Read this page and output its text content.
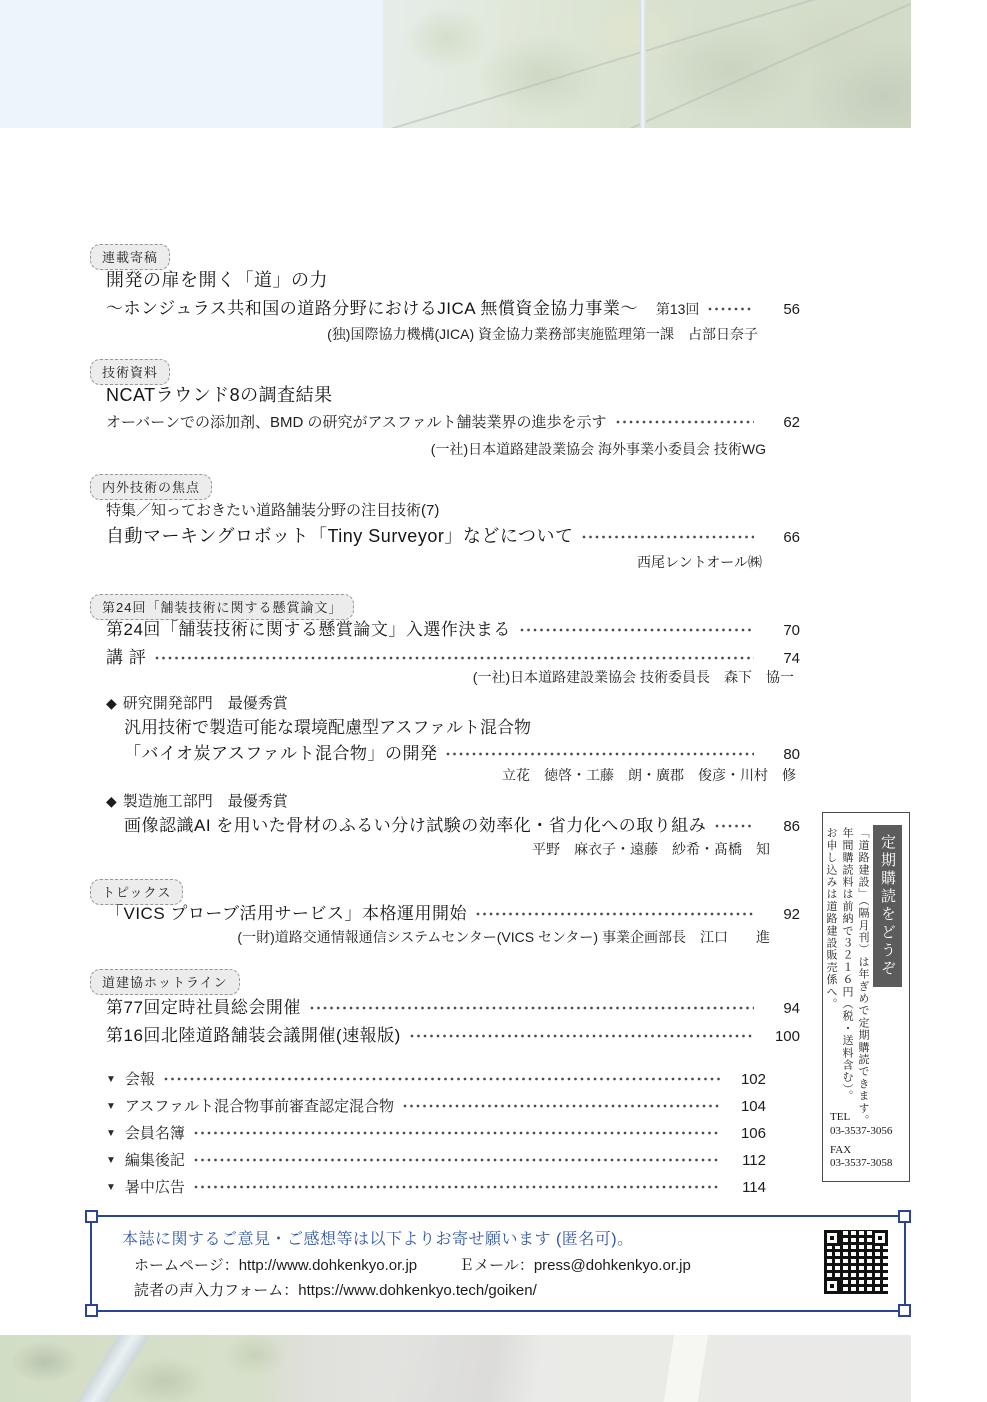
連載寄稿
開発の扉を開く「道」の力
～ホンジュラス共和国の道路分野におけるJICA 無償資金協力事業～ 第13回	56
(独)国際協力機構(JICA) 資金協力業務部実施監理第一課　占部日奈子
技術資料
NCATラウンド8の調査結果
オーバーンでの添加剤、BMD の研究がアスファルト舗装業界の進歩を示す	62
(一社)日本道路建設業協会 海外事業小委員会 技術WG
内外技術の焦点
特集／知っておきたい道路舗装分野の注目技術(7)
自動マーキングロボット「Tiny Surveyor」などについて	66
西尾レントオール㈱
第24回「舗装技術に関する懸賞論文」
第24回「舗装技術に関する懸賞論文」入選作決まる	70
講 評	74
(一社)日本道路建設業協会 技術委員長　森下　協一
◆ 研究開発部門　最優秀賞
汎用技術で製造可能な環境配慮型アスファルト混合物
「バイオ炭アスファルト混合物」の開発	80
立花　徳啓・工藤　朗・廣郡　俊彦・川村　修
◆ 製造施工部門　最優秀賞
画像認識AI を用いた骨材のふるい分け試験の効率化・省力化への取り組み	86
平野　麻衣子・遠藤　紗希・髙橋　知
トピックス
「VICS プローブ活用サービス」本格運用開始	92
(一財)道路交通情報通信システムセンター(VICS センター) 事業企画部長　江口　　進
道建協ホットライン
第77回定時社員総会開催	94
第16回北陸道路舗装会議開催(速報版)	100
▼ 会報	102
▼ アスファルト混合物事前審査認定混合物	104
▼ 会員名簿	106
▼ 編集後記	112
▼ 暑中広告	114
定期購読をどうぞ
「道路建設」（隔月刊）は年ぎめで定期購読できます。
年間購読料は前納で３２１６円（税・送料含む）。
お申し込みは道路建設販売係へ。
TEL
03-3537-3056
FAX
03-3537-3058
本誌に関するご意見・ご感想等は以下よりお寄せ願います (匿名可)。
ホームページ：http://www.dohkenkyo.or.jp	Ｅメール：press@dohkenkyo.or.jp
読者の声入力フォーム：https://www.dohkenkyo.tech/goiken/
